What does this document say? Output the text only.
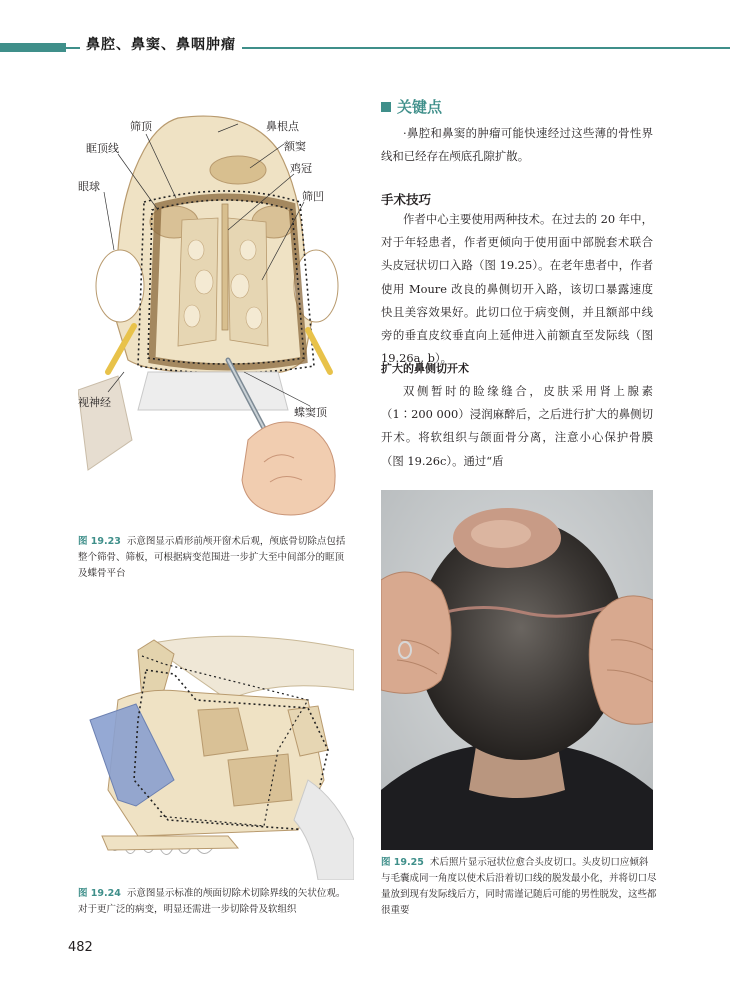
鼻腔、鼻窦、鼻咽肿瘤
筛顶	鼻根点
眶顶线	额窦
眼球
鸡冠
筛凹
视神经
蝶窦顶
图 19.23 示意图显示盾形前颅开窗术后观，颅底骨切除点包括整个筛骨、筛板，可根据病变范围进一步扩大至中间部分的眶顶及蝶骨平台
图 19.24 示意图显示标准的颅面切除术切除界线的矢状位观。对于更广泛的病变，明显还需进一步切除骨及软组织
关键点

·鼻腔和鼻窦的肿瘤可能快速经过这些薄的骨性界线和已经存在颅底孔隙扩散。

手术技巧

作者中心主要使用两种技术。在过去的 20 年中，对于年轻患者，作者更倾向于使用面中部脱套术联合头皮冠状切口入路（图 19.25）。在老年患者中，作者使用 Moure 改良的鼻侧切开入路，该切口暴露速度快且美容效果好。此切口位于病变侧，并且额部中线旁的垂直皮纹垂直向上延伸进入前额直至发际线（图 19.26a, b）。

扩大的鼻侧切开术

双侧暂时的睑缘缝合，皮肤采用肾上腺素（1∶200 000）浸润麻醉后，之后进行扩大的鼻侧切开术。将软组织与颌面骨分离，注意小心保护骨膜（图 19.26c）。通过“盾

图 19.25 术后照片显示冠状位愈合头皮切口。头皮切口应倾斜与毛囊成同一角度以使术后沿着切口线的脱发最小化，并将切口尽量放到现有发际线后方，同时需谨记随后可能的男性脱发，这些都很重要
482
